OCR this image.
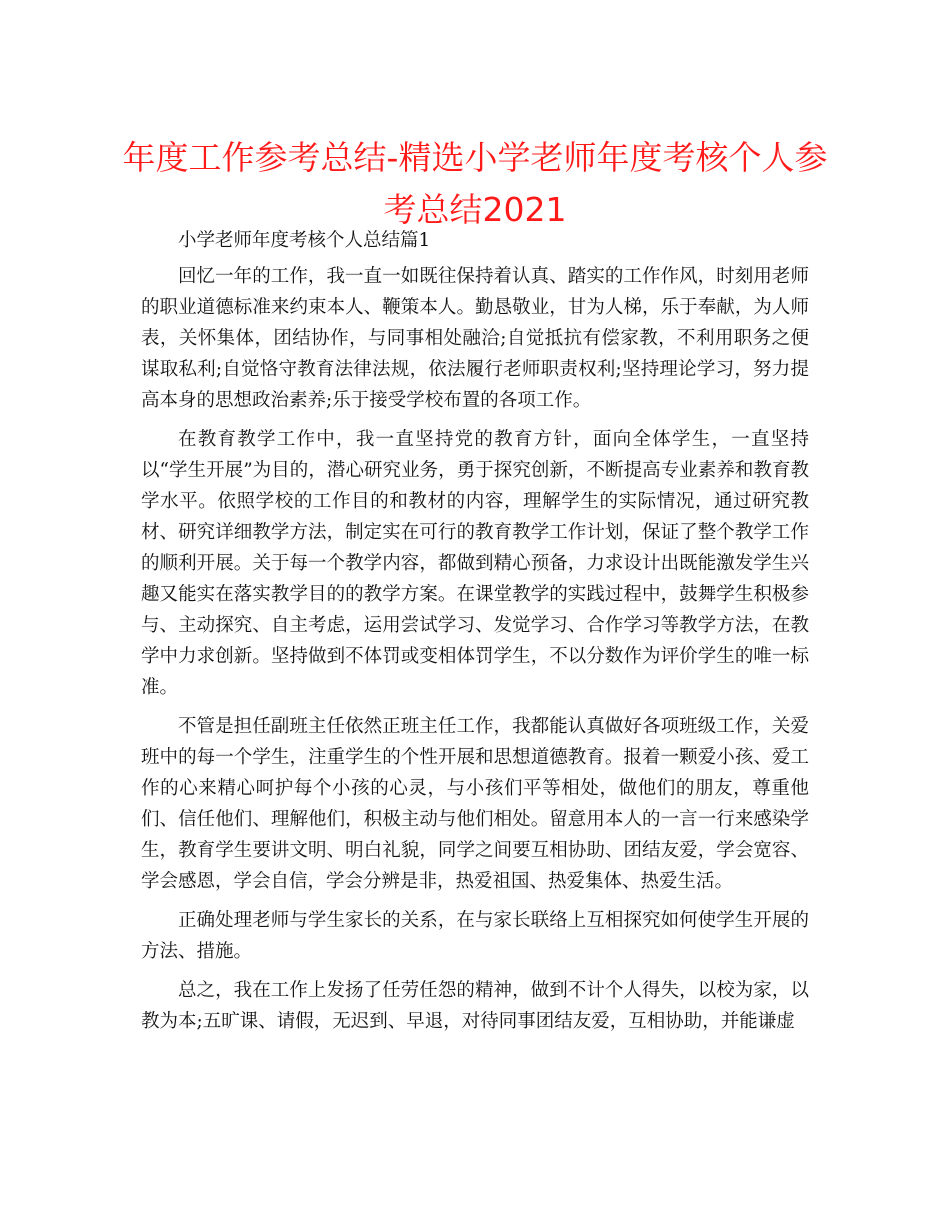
年度工作参考总结-精选小学老师年度考核个人参考总结2021

小学老师年度考核个人总结篇1

回忆一年的工作，我一直一如既往保持着认真、踏实的工作作风，时刻用老师的职业道德标准来约束本人、鞭策本人。勤恳敬业，甘为人梯，乐于奉献，为人师表，关怀集体，团结协作，与同事相处融洽;自觉抵抗有偿家教，不利用职务之便谋取私利;自觉恪守教育法律法规，依法履行老师职责权利;坚持理论学习，努力提高本身的思想政治素养;乐于接受学校布置的各项工作。

在教育教学工作中，我一直坚持党的教育方针，面向全体学生，一直坚持以“学生开展”为目的，潜心研究业务，勇于探究创新，不断提高专业素养和教育教学水平。依照学校的工作目的和教材的内容，理解学生的实际情况，通过研究教材、研究详细教学方法，制定实在可行的教育教学工作计划，保证了整个教学工作的顺利开展。关于每一个教学内容，都做到精心预备，力求设计出既能激发学生兴趣又能实在落实教学目的的教学方案。在课堂教学的实践过程中，鼓舞学生积极参与、主动探究、自主考虑，运用尝试学习、发觉学习、合作学习等教学方法，在教学中力求创新。坚持做到不体罚或变相体罚学生，不以分数作为评价学生的唯一标准。

不管是担任副班主任依然正班主任工作，我都能认真做好各项班级工作，关爱班中的每一个学生，注重学生的个性开展和思想道德教育。报着一颗爱小孩、爱工作的心来精心呵护每个小孩的心灵，与小孩们平等相处，做他们的朋友，尊重他们、信任他们、理解他们，积极主动与他们相处。留意用本人的一言一行来感染学生，教育学生要讲文明、明白礼貌，同学之间要互相协助、团结友爱，学会宽容、学会感恩，学会自信，学会分辨是非，热爱祖国、热爱集体、热爱生活。

正确处理老师与学生家长的关系，在与家长联络上互相探究如何使学生开展的方法、措施。

总之，我在工作上发扬了任劳任怨的精神，做到不计个人得失，以校为家，以教为本;五旷课、请假，无迟到、早退，对待同事团结友爱，互相协助，并能谦虚
